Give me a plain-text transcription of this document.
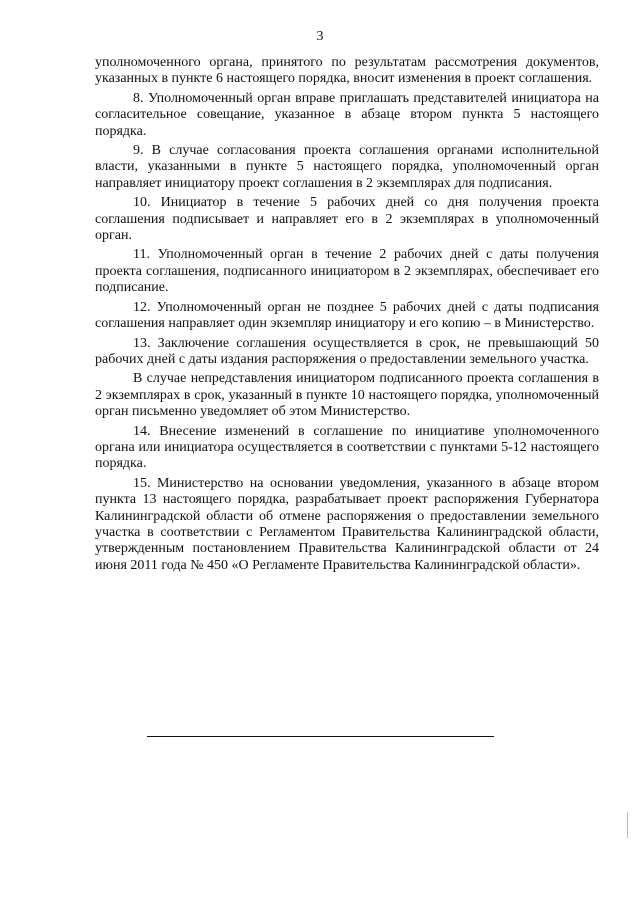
3

уполномоченного органа, принятого по результатам рассмотрения документов, указанных в пункте 6 настоящего порядка, вносит изменения в проект соглашения.

8. Уполномоченный орган вправе приглашать представителей инициатора на согласительное совещание, указанное в абзаце втором пункта 5 настоящего порядка.

9. В случае согласования проекта соглашения органами исполнительной власти, указанными в пункте 5 настоящего порядка, уполномоченный орган направляет инициатору проект соглашения в 2 экземплярах для подписания.

10. Инициатор в течение 5 рабочих дней со дня получения проекта соглашения подписывает и направляет его в 2 экземплярах в уполномоченный орган.

11. Уполномоченный орган в течение 2 рабочих дней с даты получения проекта соглашения, подписанного инициатором в 2 экземплярах, обеспечивает его подписание.

12. Уполномоченный орган не позднее 5 рабочих дней с даты подписания соглашения направляет один экземпляр инициатору и его копию – в Министерство.

13. Заключение соглашения осуществляется в срок, не превышающий 50 рабочих дней с даты издания распоряжения о предоставлении земельного участка.

В случае непредставления инициатором подписанного проекта соглашения в 2 экземплярах в срок, указанный в пункте 10 настоящего порядка, уполномоченный орган письменно уведомляет об этом Министерство.

14. Внесение изменений в соглашение по инициативе уполномоченного органа или инициатора осуществляется в соответствии с пунктами 5-12 настоящего порядка.

15. Министерство на основании уведомления, указанного в абзаце втором пункта 13 настоящего порядка, разрабатывает проект распоряжения Губернатора Калининградской области об отмене распоряжения о предоставлении земельного участка в соответствии с Регламентом Правительства Калининградской области, утвержденным постановлением Правительства Калининградской области от 24 июня 2011 года № 450 «О Регламенте Правительства Калининградской области».
